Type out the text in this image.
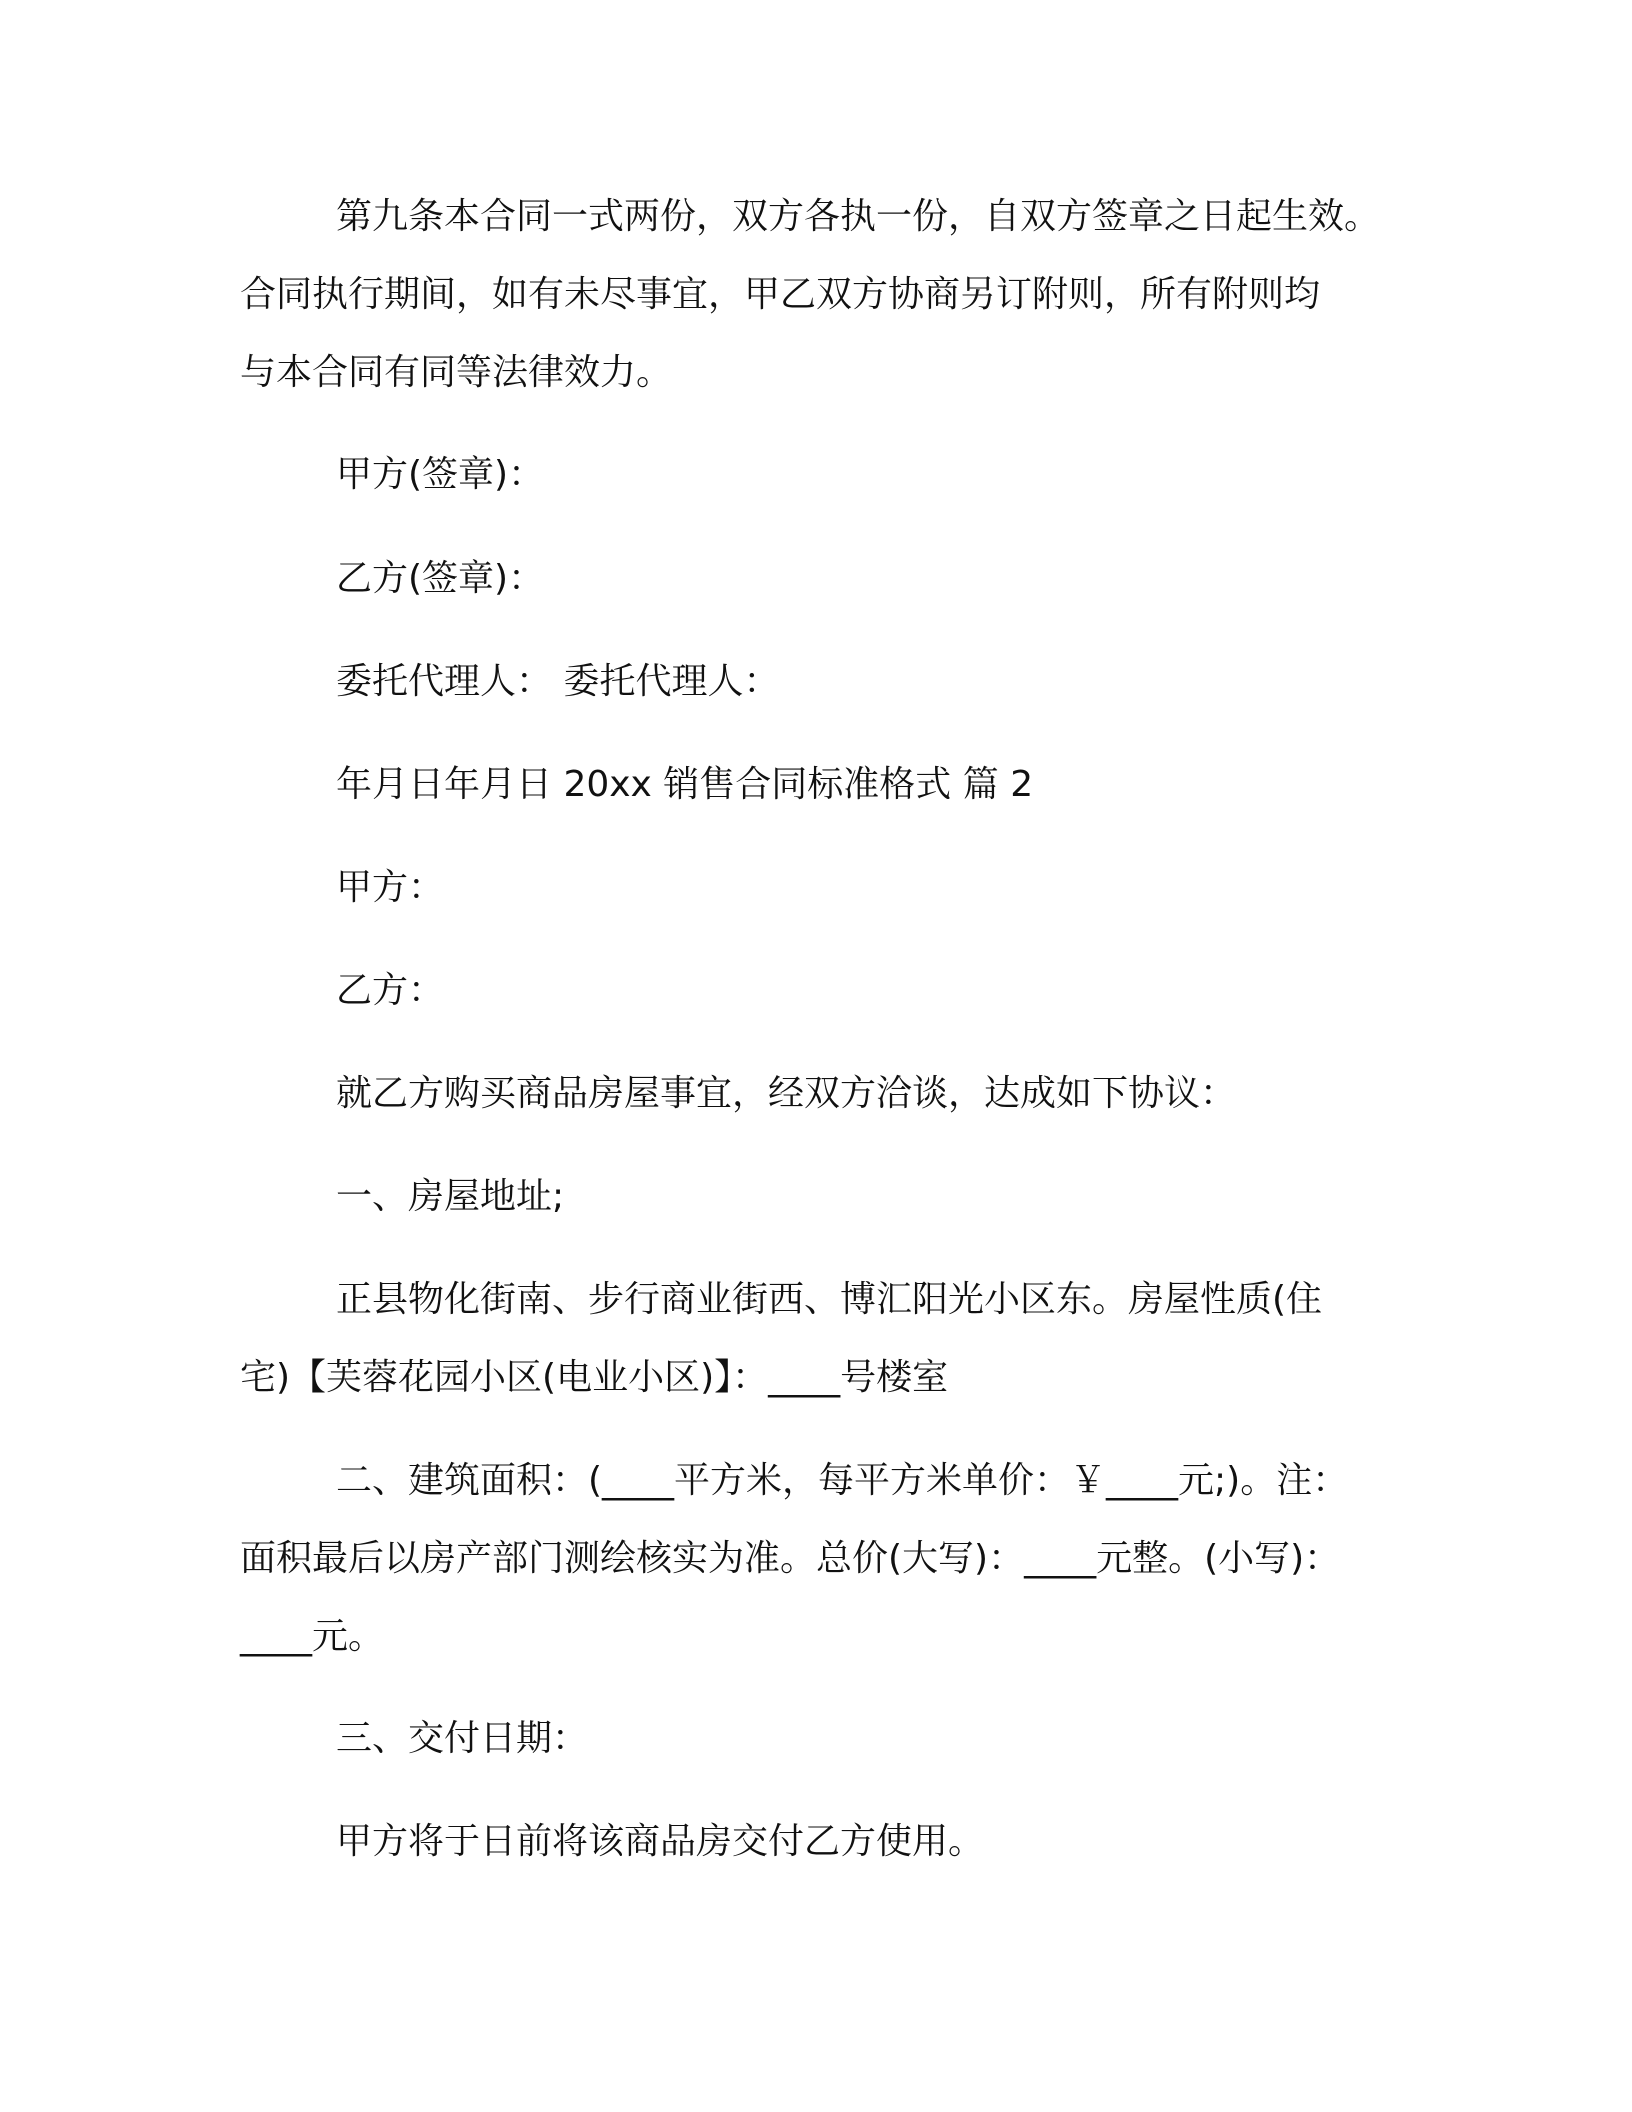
第九条本合同一式两份，双方各执一份，自双方签章之日起生效。
合同执行期间，如有未尽事宜，甲乙双方协商另订附则，所有附则均
与本合同有同等法律效力。
甲方(签章)：
乙方(签章)：
委托代理人： 委托代理人：
年月日年月日 20xx 销售合同标准格式 篇 2
甲方：
乙方：
就乙方购买商品房屋事宜，经双方洽谈，达成如下协议：
一、房屋地址;
正县物化街南、步行商业街西、博汇阳光小区东。房屋性质(住
宅)【芙蓉花园小区(电业小区)】：____号楼室
二、建筑面积：(____平方米，每平方米单价：￥____元;)。注：
面积最后以房产部门测绘核实为准。总价(大写)：____元整。(小写)：
____元。
三、交付日期：
甲方将于日前将该商品房交付乙方使用。
